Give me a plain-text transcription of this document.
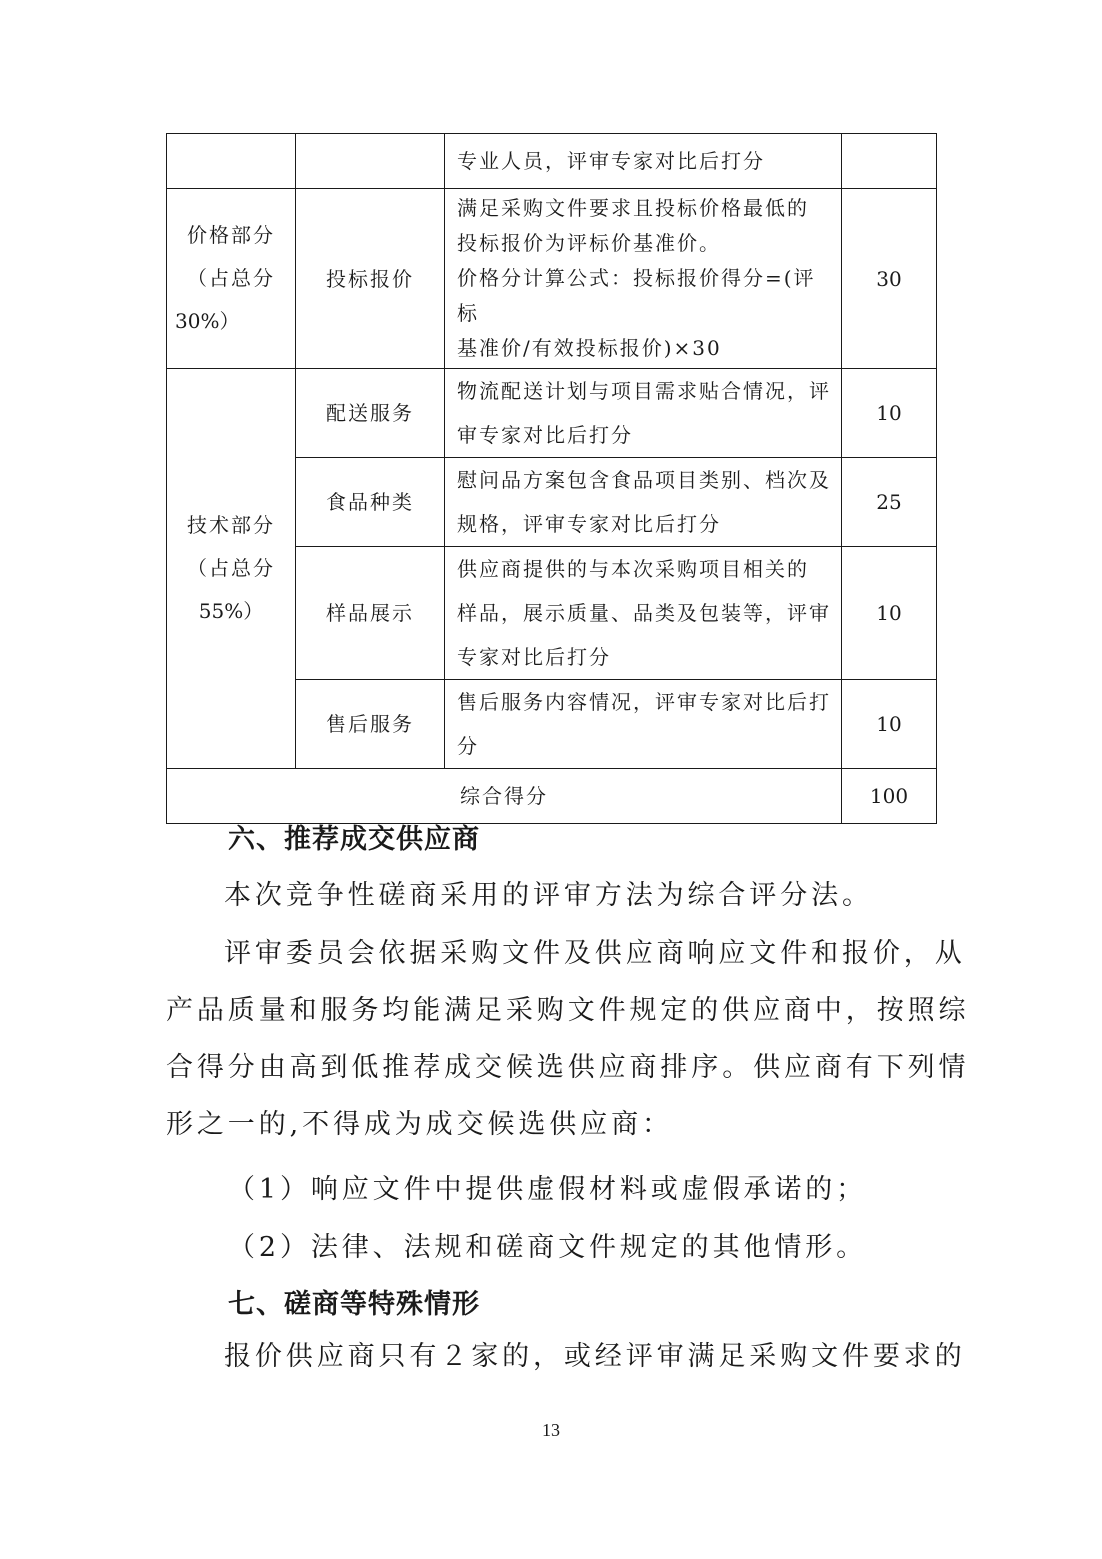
		专业人员，评审专家对比后打分	

价格部分
（占总分
30%）	投标报价	满足采购文件要求且投标价格最低的
投标报价为评标价基准价。
价格分计算公式：投标报价得分=(评标
基准价/有效投标报价)×30	30

技术部分
（占总分
55%）	配送服务	物流配送计划与项目需求贴合情况，评
审专家对比后打分	10
	食品种类	慰问品方案包含食品项目类别、档次及
规格，评审专家对比后打分	25
	样品展示	供应商提供的与本次采购项目相关的
样品，展示质量、品类及包装等，评审
专家对比后打分	10
	售后服务	售后服务内容情况，评审专家对比后打
分	10
综合得分			100
六、推荐成交供应商

本次竞争性磋商采用的评审方法为综合评分法。

评审委员会依据采购文件及供应商响应文件和报价，从
产品质量和服务均能满足采购文件规定的供应商中，按照综
合得分由高到低推荐成交候选供应商排序。供应商有下列情
形之一的,不得成为成交候选供应商：

（1）响应文件中提供虚假材料或虚假承诺的；

（2）法律、法规和磋商文件规定的其他情形。

七、磋商等特殊情形

报价供应商只有２家的，或经评审满足采购文件要求的

13
